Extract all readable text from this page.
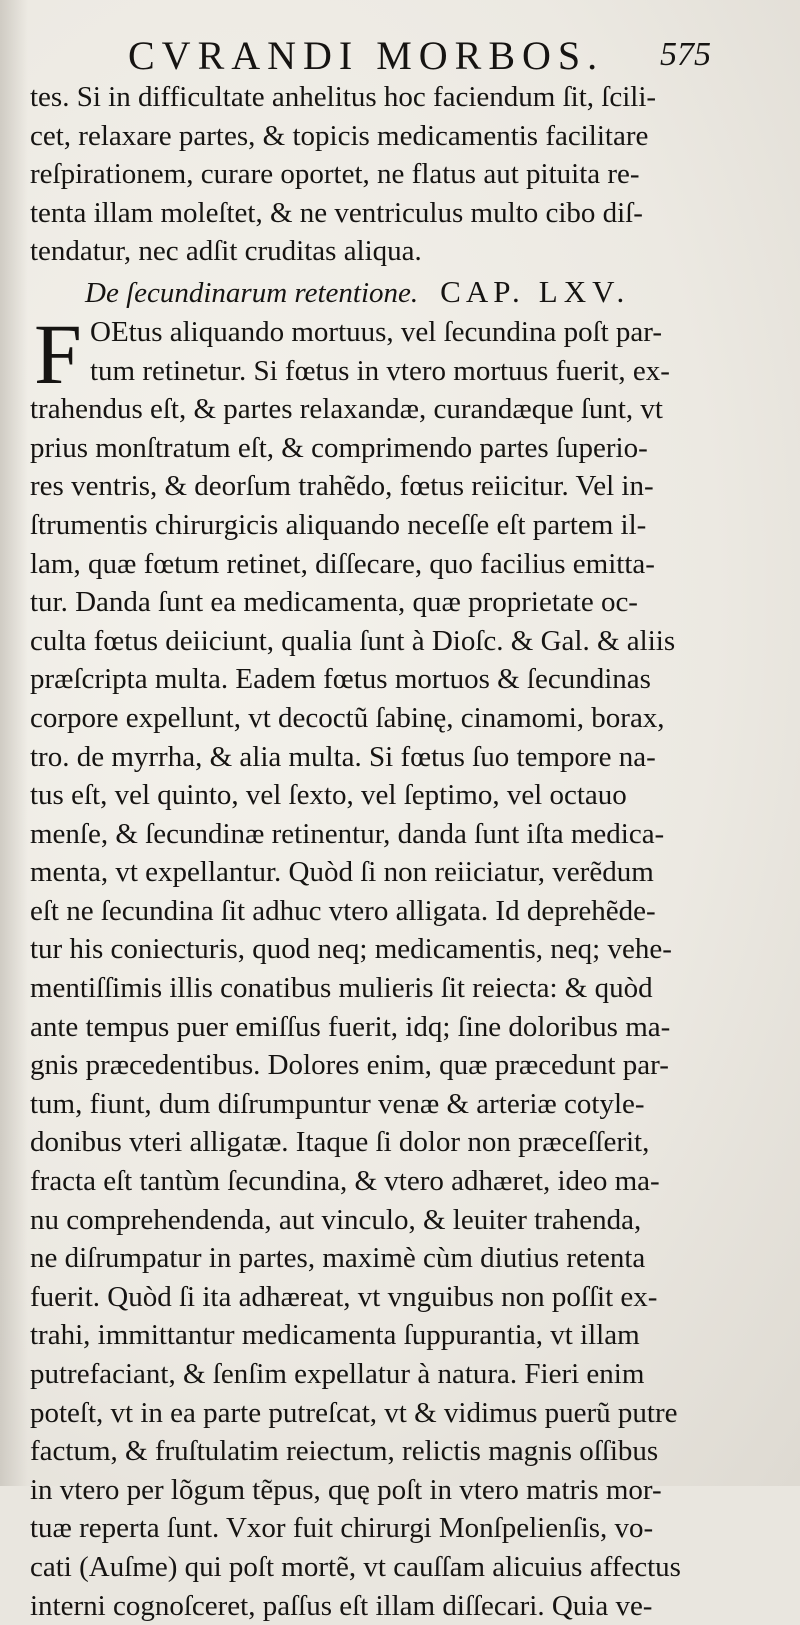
CVRANDI MORBOS. 575
tes. Si in difficultate anhelitus hoc faciendum ſit, ſcili-
cet, relaxare partes, & topicis medicamentis facilitare
reſpirationem, curare oportet, ne flatus aut pituita re-
tenta illam moleſtet, & ne ventriculus multo cibo diſ-
tendatur, nec adſit cruditas aliqua.
De ſecundinarum retentione. CAP. LXV.
F OEtus aliquando mortuus, vel ſecundina poſt par-
tum retinetur. Si fœtus in vtero mortuus fuerit, ex-
trahendus eſt, & partes relaxandæ, curandæque ſunt, vt
prius monſtratum eſt, & comprimendo partes ſuperio-
res ventris, & deorſum trahẽdo, fœtus reiicitur. Vel in-
ſtrumentis chirurgicis aliquando neceſſe eſt partem il-
lam, quæ fœtum retinet, diſſecare, quo facilius emitta-
tur. Danda ſunt ea medicamenta, quæ proprietate oc-
culta fœtus deiiciunt, qualia ſunt à Dioſc. & Gal. & aliis
præſcripta multa. Eadem fœtus mortuos & ſecundinas
corpore expellunt, vt decoctũ ſabinę, cinamomi, borax,
tro. de myrrha, & alia multa. Si fœtus ſuo tempore na-
tus eſt, vel quinto, vel ſexto, vel ſeptimo, vel octauo
menſe, & ſecundinæ retinentur, danda ſunt iſta medica-
menta, vt expellantur. Quòd ſi non reiiciatur, verẽdum
eſt ne ſecundina ſit adhuc vtero alligata. Id deprehẽde-
tur his coniecturis, quod neq; medicamentis, neq; vehe-
mentiſſimis illis conatibus mulieris ſit reiecta: & quòd
ante tempus puer emiſſus fuerit, idq; ſine doloribus ma-
gnis præcedentibus. Dolores enim, quæ præcedunt par-
tum, fiunt, dum diſrumpuntur venæ & arteriæ cotyle-
donibus vteri alligatæ. Itaque ſi dolor non præceſſerit,
fracta eſt tantùm ſecundina, & vtero adhæret, ideo ma-
nu comprehendenda, aut vinculo, & leuiter trahenda,
ne diſrumpatur in partes, maximè cùm diutius retenta
fuerit. Quòd ſi ita adhæreat, vt vnguibus non poſſit ex-
trahi, immittantur medicamenta ſuppurantia, vt illam
putrefaciant, & ſenſim expellatur à natura. Fieri enim
poteſt, vt in ea parte putreſcat, vt & vidimus puerũ putre
factum, & fruſtulatim reiectum, relictis magnis oſſibus
in vtero per lõgum tẽpus, quę poſt in vtero matris mor-
tuæ reperta ſunt. Vxor fuit chirurgi Monſpelienſis, vo-
cati (Auſme) qui poſt mortẽ, vt cauſſam alicuius affectus
interni cognoſceret, paſſus eſt illam diſſecari. Quia ve-
